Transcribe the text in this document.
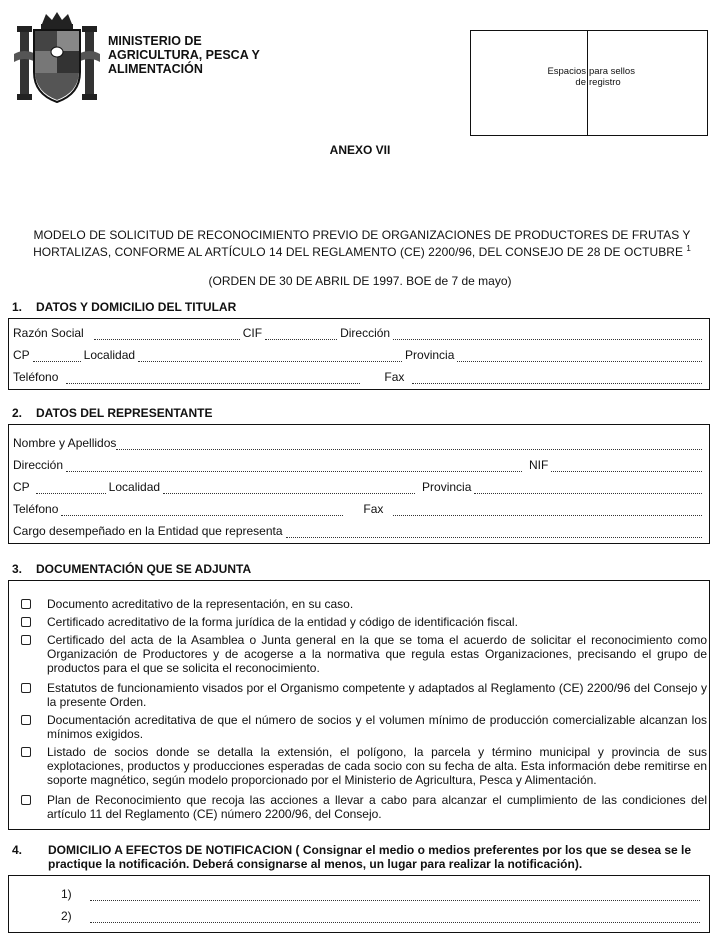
MINISTERIO DE
AGRICULTURA, PESCA Y
ALIMENTACIÓN	Espacios
de
para sellos
registro
ANEXO VII
MODELO DE SOLICITUD DE RECONOCIMIENTO PREVIO DE ORGANIZACIONES DE PRODUCTORES DE FRUTAS Y
HORTALIZAS, CONFORME AL ARTÍCULO 14 DEL REGLAMENTO (CE) 2200/96, DEL CONSEJO DE 28 DE OCTUBRE $^1$
(ORDEN DE 30 DE ABRIL DE 1997. BOE de 7 de mayo)
1. DATOS Y DOMICILIO DEL TITULAR
Razón Social	CIF	Dirección
CP	Localidad	Provincia
Teléfono	Fax
2. DATOS DEL REPRESENTANTE
Nombre y Apellidos
Dirección	NIF
CP	Localidad	Provincia
Teléfono	Fax
Cargo desempeñado en la Entidad que representa
3. DOCUMENTACIÓN QUE SE ADJUNTA
Documento acreditativo de la representación, en su caso.
Certificado acreditativo de la forma jurídica de la entidad y código de identificación fiscal.
Certificado del acta de la Asamblea o Junta general en la que se toma el acuerdo de solicitar el reconocimiento como Organización de Productores y de acogerse a la normativa que regula estas Organizaciones, precisando el grupo de productos para el que se solicita el reconocimiento.
Estatutos de funcionamiento visados por el Organismo competente y adaptados al Reglamento (CE) 2200/96 del Consejo y la presente Orden.
Documentación acreditativa de que el número de socios y el volumen mínimo de producción comercializable alcanzan los mínimos exigidos.
Listado de socios donde se detalla la extensión, el polígono, la parcela y término municipal y provincia de sus explotaciones, productos y producciones esperadas de cada socio con su fecha de alta. Esta información debe remitirse en soporte magnético, según modelo proporcionado por el Ministerio de Agricultura, Pesca y Alimentación.
Plan de Reconocimiento que recoja las acciones a llevar a cabo para alcanzar el cumplimiento de las condiciones del artículo 11 del Reglamento (CE) número 2200/96, del Consejo.
4. DOMICILIO A EFECTOS DE NOTIFICACION ( Consignar el medio o medios preferentes por los que se desea se le
practique la notificación. Deberá consignarse al menos, un lugar para realizar la notificación).
1)
2)
